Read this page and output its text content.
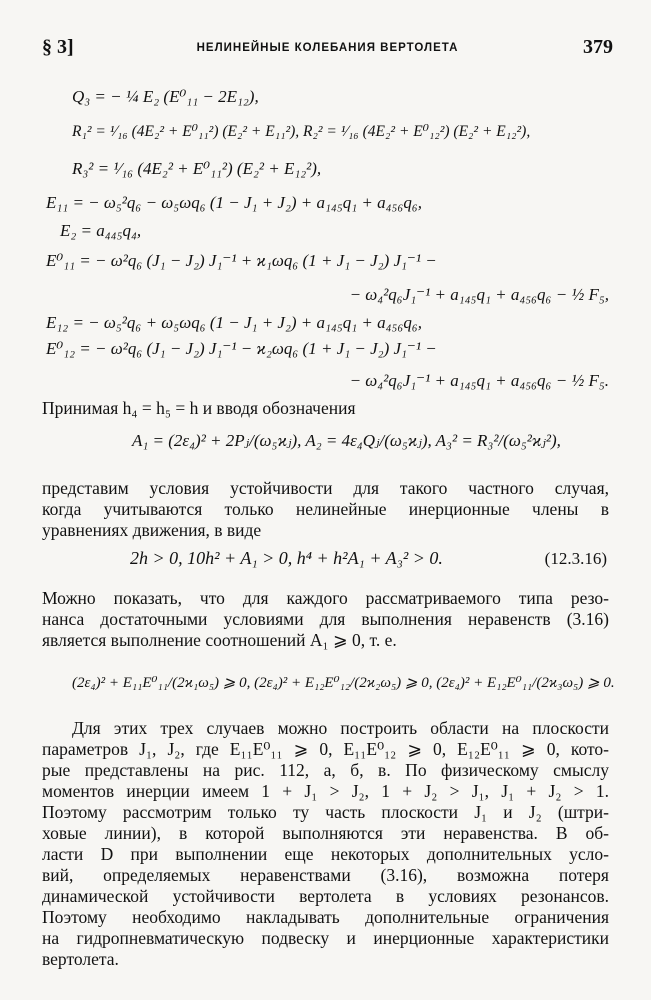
§ 3]	НЕЛИНЕЙНЫЕ КОЛЕБАНИЯ ВЕРТОЛЕТА	379
Q₃ = − ¼ E₂ (E⁰₁₁ − 2E₁₂),
R₁² = ¹⁄₁₆ (4E₂² + E⁰₁₁²) (E₂² + E₁₁²), R₂² = ¹⁄₁₆ (4E₂² + E⁰₁₂²) (E₂² + E₁₂²),
R₃² = ¹⁄₁₆ (4E₂² + E⁰₁₁²) (E₂² + E₁₂²),
E₁₁ = − ω₅²q₆ − ω₅ωq₆ (1 − J₁ + J₂) + a₁₄₅q₁ + a₄₅₆q₆,
E₂ = a₄₄₅q₄,
E⁰₁₁ = − ω²q₆ (J₁ − J₂) J₁⁻¹ + ϰ₁ωq₆ (1 + J₁ − J₂) J₁⁻¹ −
− ω₄²q₆J₁⁻¹ + a₁₄₅q₁ + a₄₅₆q₆ − ½ F₅,
E₁₂ = − ω₅²q₆ + ω₅ωq₆ (1 − J₁ + J₂) + a₁₄₅q₁ + a₄₅₆q₆,
E⁰₁₂ = − ω²q₆ (J₁ − J₂) J₁⁻¹ − ϰ₂ωq₆ (1 + J₁ − J₂) J₁⁻¹ −
− ω₄²q₆J₁⁻¹ + a₁₄₅q₁ + a₄₅₆q₆ − ½ F₅.
Принимая h₄ = h₅ = h и вводя обозначения
A₁ = (2ε₄)² + 2Pⱼ/(ω₅ϰⱼ), A₂ = 4ε₄Qⱼ/(ω₅ϰⱼ), A₃² = R₃²/(ω₅²ϰⱼ²),
представим условия устойчивости для такого частного случая,
когда учитываются только нелинейные инерционные члены в
уравнениях движения, в виде
2h > 0, 10h² + A₁ > 0, h⁴ + h²A₁ + A₃² > 0.	(12.3.16)
Можно показать, что для каждого рассматриваемого типа резо-
нанса достаточными условиями для выполнения неравенств (3.16)
является выполнение соотношений A₁ ⩾ 0, т. е.
(2ε₄)² + E₁₁E⁰₁₁/(2ϰ₁ω₅) ⩾ 0, (2ε₄)² + E₁₂E⁰₁₂/(2ϰ₂ω₅) ⩾ 0, (2ε₄)² + E₁₂E⁰₁₁/(2ϰ₃ω₅) ⩾ 0.
Для этих трех случаев можно построить области на плоскости
параметров J₁, J₂, где E₁₁E⁰₁₁ ⩾ 0, E₁₁E⁰₁₂ ⩾ 0, E₁₂E⁰₁₁ ⩾ 0, кото-
рые представлены на рис. 112, а, б, в. По физическому смыслу
моментов инерции имеем 1 + J₁ > J₂, 1 + J₂ > J₁, J₁ + J₂ > 1.
Поэтому рассмотрим только ту часть плоскости J₁ и J₂ (штри-
ховые линии), в которой выполняются эти неравенства. В об-
ласти D при выполнении еще некоторых дополнительных усло-
вий, определяемых неравенствами (3.16), возможна потеря
динамической устойчивости вертолета в условиях резонансов.
Поэтому необходимо накладывать дополнительные ограничения
на гидропневматическую подвеску и инерционные характеристики
вертолета.
